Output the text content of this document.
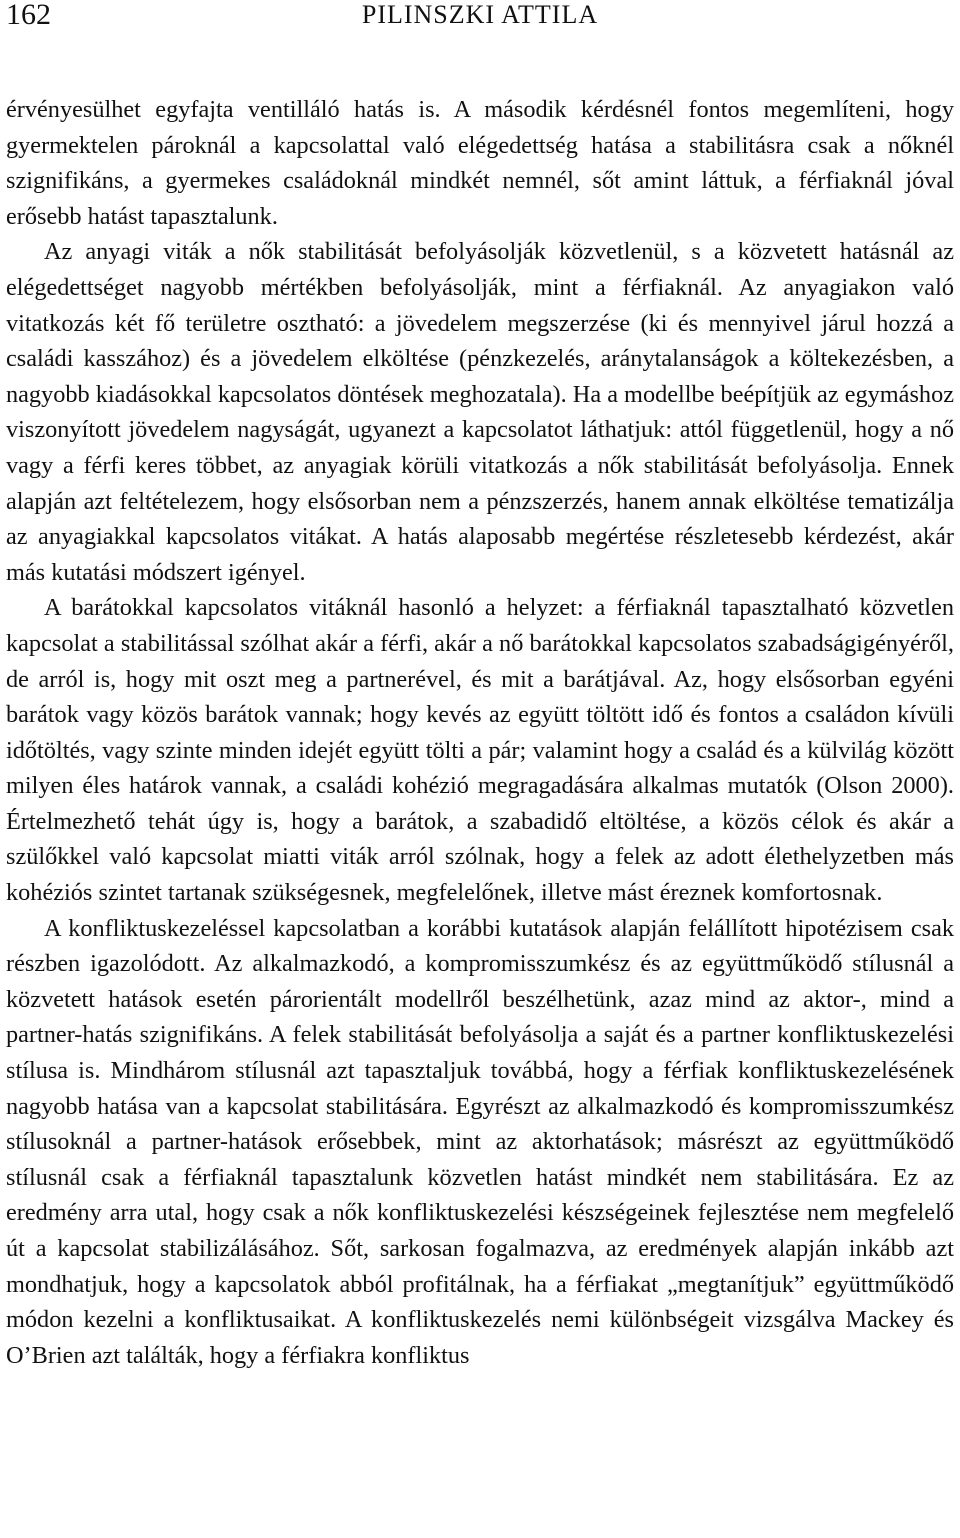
162	PILINSZKI ATTILA

érvényesülhet egyfajta ventilláló hatás is. A második kérdésnél fontos megemlíteni, hogy gyermektelen pároknál a kapcsolattal való elégedettség hatása a stabilitásra csak a nőknél szignifikáns, a gyermekes családoknál mindkét nemnél, sőt amint láttuk, a férfiaknál jóval erősebb hatást tapasztalunk.

Az anyagi viták a nők stabilitását befolyásolják közvetlenül, s a közvetett hatásnál az elégedettséget nagyobb mértékben befolyásolják, mint a férfiaknál. Az anyagiakon való vitatkozás két fő területre osztható: a jövedelem megszerzése (ki és mennyivel járul hozzá a családi kasszához) és a jövedelem elköltése (pénzkezelés, aránytalanságok a költekezésben, a nagyobb kiadásokkal kapcsolatos döntések meghozatala). Ha a modellbe beépítjük az egymáshoz viszonyított jövedelem nagyságát, ugyanezt a kapcsolatot láthatjuk: attól függetlenül, hogy a nő vagy a férfi keres többet, az anyagiak körüli vitatkozás a nők stabilitását befolyásolja. Ennek alapján azt feltételezem, hogy elsősorban nem a pénzszerzés, hanem annak elköltése tematizálja az anyagiakkal kapcsolatos vitákat. A hatás alaposabb megértése részletesebb kérdezést, akár más kutatási módszert igényel.

A barátokkal kapcsolatos vitáknál hasonló a helyzet: a férfiaknál tapasztalható közvetlen kapcsolat a stabilitással szólhat akár a férfi, akár a nő barátokkal kapcsolatos szabadságigényéről, de arról is, hogy mit oszt meg a partnerével, és mit a barátjával. Az, hogy elsősorban egyéni barátok vagy közös barátok vannak; hogy kevés az együtt töltött idő és fontos a családon kívüli időtöltés, vagy szinte minden idejét együtt tölti a pár; valamint hogy a család és a külvilág között milyen éles határok vannak, a családi kohézió megragadására alkalmas mutatók (Olson 2000). Értelmezhető tehát úgy is, hogy a barátok, a szabadidő eltöltése, a közös célok és akár a szülőkkel való kapcsolat miatti viták arról szólnak, hogy a felek az adott élethelyzetben más kohéziós szintet tartanak szükségesnek, megfelelőnek, illetve mást éreznek komfortosnak.

A konfliktuskezeléssel kapcsolatban a korábbi kutatások alapján felállított hipotézisem csak részben igazolódott. Az alkalmazkodó, a kompromisszumkész és az együttműködő stílusnál a közvetett hatások esetén párorientált modellről beszélhetünk, azaz mind az aktor-, mind a partner-hatás szignifikáns. A felek stabilitását befolyásolja a saját és a partner konfliktuskezelési stílusa is. Mindhárom stílusnál azt tapasztaljuk továbbá, hogy a férfiak konfliktuskezelésének nagyobb hatása van a kapcsolat stabilitására. Egyrészt az alkalmazkodó és kompromisszumkész stílusoknál a partner-hatások erősebbek, mint az aktorhatások; másrészt az együttműködő stílusnál csak a férfiaknál tapasztalunk közvetlen hatást mindkét nem stabilitására. Ez az eredmény arra utal, hogy csak a nők konfliktuskezelési készségeinek fejlesztése nem megfelelő út a kapcsolat stabilizálásához. Sőt, sarkosan fogalmazva, az eredmények alapján inkább azt mondhatjuk, hogy a kapcsolatok abból profitálnak, ha a férfiakat „megtanítjuk” együttműködő módon kezelni a konfliktusaikat. A konfliktuskezelés nemi különbségeit vizsgálva Mackey és O’Brien azt találták, hogy a férfiakra konfliktus
